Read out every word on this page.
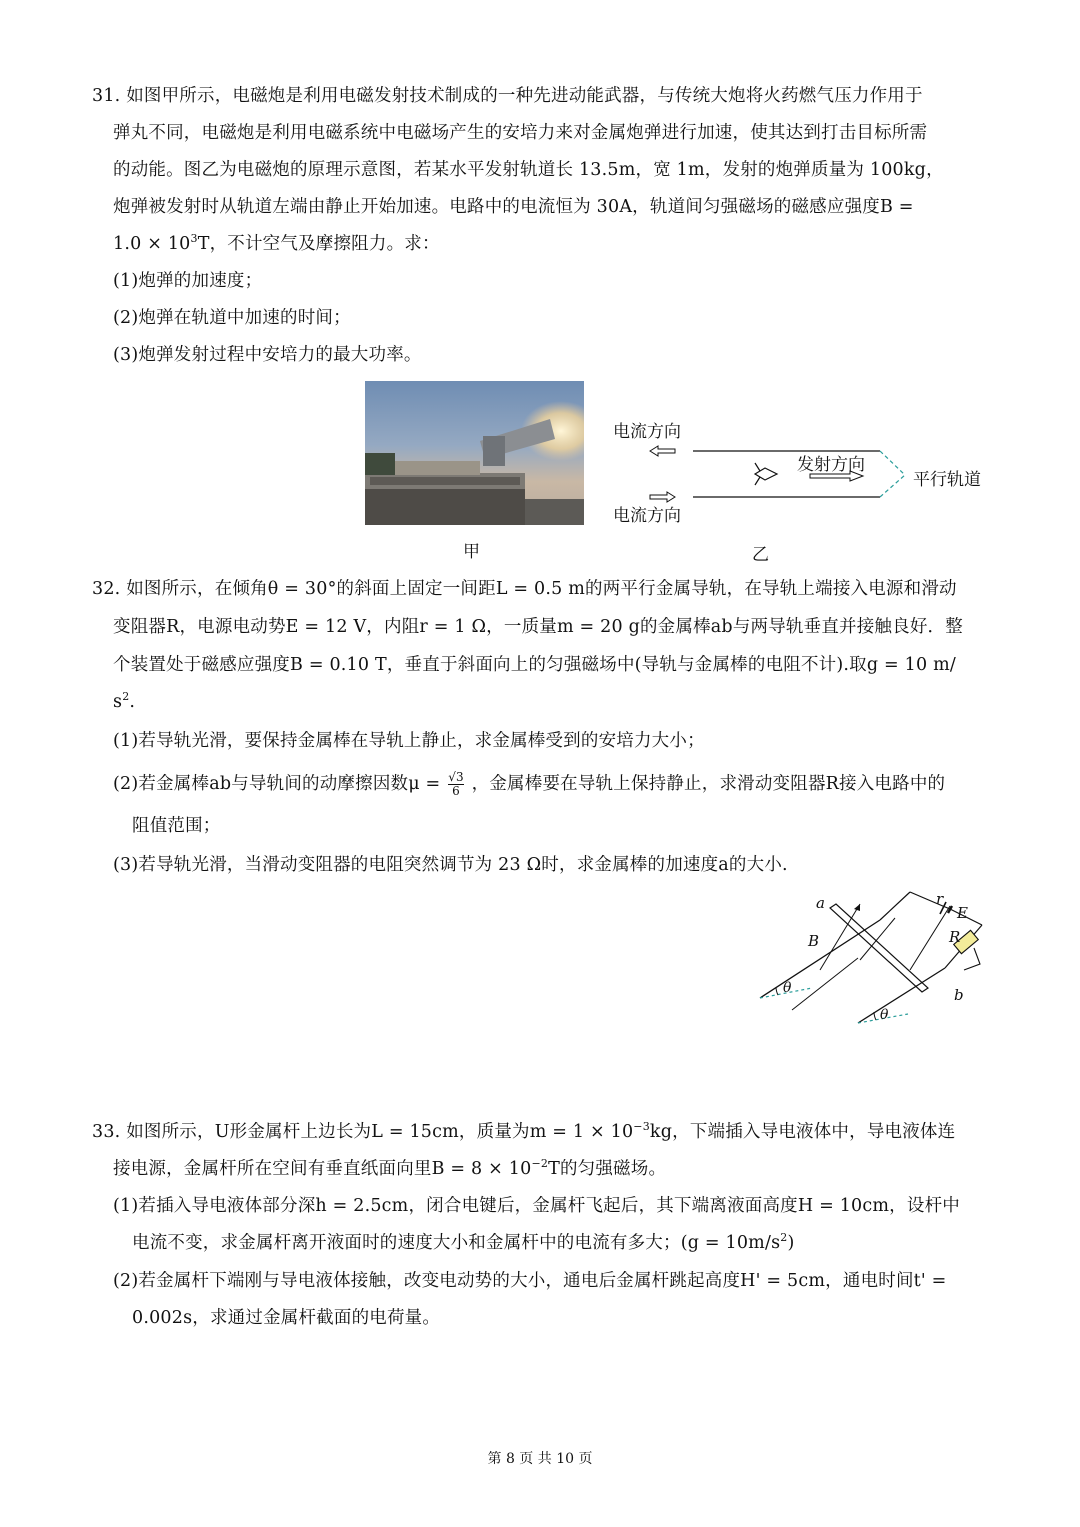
31. 如图甲所示，电磁炮是利用电磁发射技术制成的一种先进动能武器，与传统大炮将火药燃气压力作用于
弹丸不同，电磁炮是利用电磁系统中电磁场产生的安培力来对金属炮弹进行加速，使其达到打击目标所需
的动能。图乙为电磁炮的原理示意图，若某水平发射轨道长 13.5m，宽 1m，发射的炮弹质量为 100kg，
炮弹被发射时从轨道左端由静止开始加速。电路中的电流恒为 30A，轨道间匀强磁场的磁感应强度B =
$1.0 \times 10^3T$，不计空气及摩擦阻力。求：
(1)炮弹的加速度；
(2)炮弹在轨道中加速的时间；
(3)炮弹发射过程中安培力的最大功率。
甲
电流方向
电流方向
平行轨道
发射方向
乙
32. 如图所示，在倾角θ = 30°的斜面上固定一间距L = 0.5 m的两平行金属导轨，在导轨上端接入电源和滑动
变阻器R，电源电动势E = 12 V，内阻r = 1 Ω，一质量m = 20 g的金属棒ab与两导轨垂直并接触良好．整
个装置处于磁感应强度B = 0.10 T，垂直于斜面向上的匀强磁场中(导轨与金属棒的电阻不计).取g = 10 m/
$s^2$.
(1)若导轨光滑，要保持金属棒在导轨上静止，求金属棒受到的安培力大小；
(2)若金属棒ab与导轨间的动摩擦因数$\mu = \frac{√3}{6}$ ，金属棒要在导轨上保持静止，求滑动变阻器R接入电路中的
阻值范围；
(3)若导轨光滑，当滑动变阻器的电阻突然调节为 23 Ω时，求金属棒的加速度a的大小.
a
b
B
r
E
R
θ
θ
33. 如图所示，U形金属杆上边长为L = 15cm，质量为$m = 1 \times 10^{-3}kg$，下端插入导电液体中，导电液体连
接电源，金属杆所在空间有垂直纸面向里$B = 8 \times 10^{-2}T$的匀强磁场。
(1)若插入导电液体部分深h = 2.5cm，闭合电键后，金属杆飞起后，其下端离液面高度H = 10cm，设杆中
电流不变，求金属杆离开液面时的速度大小和金属杆中的电流有多大；$(g = 10m/s^2)$
(2)若金属杆下端刚与导电液体接触，改变电动势的大小，通电后金属杆跳起高度H' = 5cm，通电时间t' =
0.002s，求通过金属杆截面的电荷量。
第 8 页 共 10 页
